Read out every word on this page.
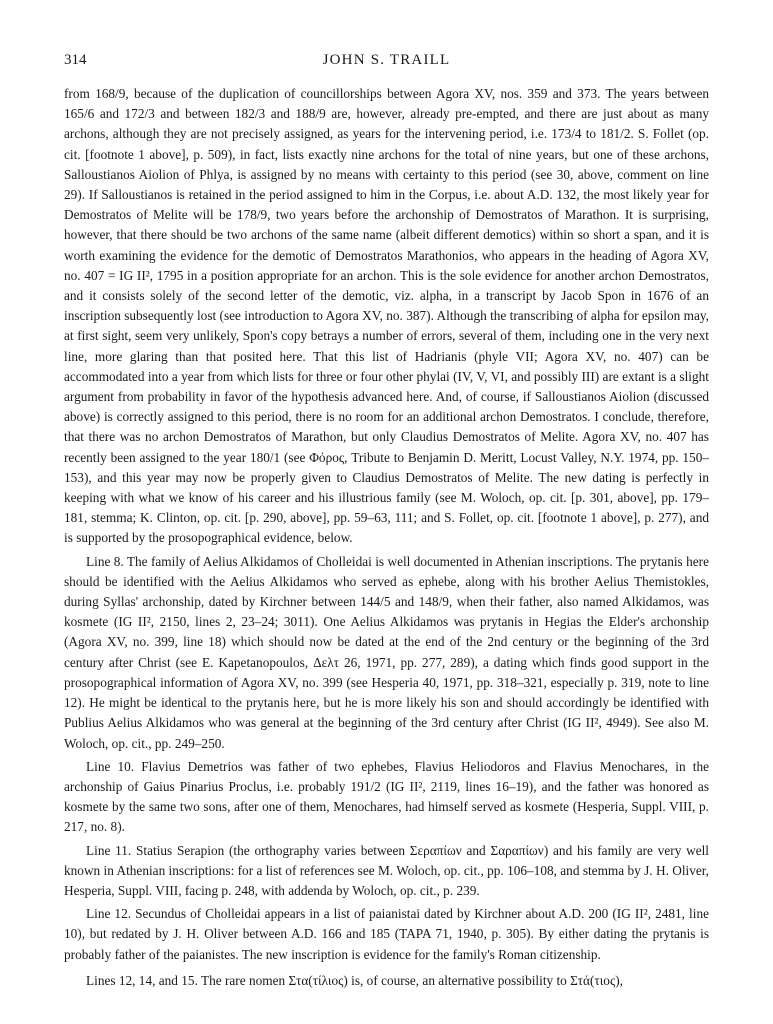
314	JOHN S. TRAILL

from 168/9, because of the duplication of councillorships between Agora XV, nos. 359 and 373. The years between 165/6 and 172/3 and between 182/3 and 188/9 are, however, already pre-empted, and there are just about as many archons, although they are not precisely assigned, as years for the intervening period, i.e. 173/4 to 181/2. S. Follet (op. cit. [footnote 1 above], p. 509), in fact, lists exactly nine archons for the total of nine years, but one of these archons, Salloustianos Aiolion of Phlya, is assigned by no means with certainty to this period (see 30, above, comment on line 29). If Salloustianos is retained in the period assigned to him in the Corpus, i.e. about A.D. 132, the most likely year for Demostratos of Melite will be 178/9, two years before the archonship of Demostratos of Marathon. It is surprising, however, that there should be two archons of the same name (albeit different demotics) within so short a span, and it is worth examining the evidence for the demotic of Demostratos Marathonios, who appears in the heading of Agora XV, no. 407 = IG II², 1795 in a position appropriate for an archon. This is the sole evidence for another archon Demostratos, and it consists solely of the second letter of the demotic, viz. alpha, in a transcript by Jacob Spon in 1676 of an inscription subsequently lost (see introduction to Agora XV, no. 387). Although the transcribing of alpha for epsilon may, at first sight, seem very unlikely, Spon's copy betrays a number of errors, several of them, including one in the very next line, more glaring than that posited here. That this list of Hadrianis (phyle VII; Agora XV, no. 407) can be accommodated into a year from which lists for three or four other phylai (IV, V, VI, and possibly III) are extant is a slight argument from probability in favor of the hypothesis advanced here. And, of course, if Salloustianos Aiolion (discussed above) is correctly assigned to this period, there is no room for an additional archon Demostratos. I conclude, therefore, that there was no archon Demostratos of Marathon, but only Claudius Demostratos of Melite. Agora XV, no. 407 has recently been assigned to the year 180/1 (see Φόρος, Tribute to Benjamin D. Meritt, Locust Valley, N.Y. 1974, pp. 150–153), and this year may now be properly given to Claudius Demostratos of Melite. The new dating is perfectly in keeping with what we know of his career and his illustrious family (see M. Woloch, op. cit. [p. 301, above], pp. 179–181, stemma; K. Clinton, op. cit. [p. 290, above], pp. 59–63, 111; and S. Follet, op. cit. [footnote 1 above], p. 277), and is supported by the prosopographical evidence, below.

Line 8. The family of Aelius Alkidamos of Cholleidai is well documented in Athenian inscriptions. The prytanis here should be identified with the Aelius Alkidamos who served as ephebe, along with his brother Aelius Themistokles, during Syllas' archonship, dated by Kirchner between 144/5 and 148/9, when their father, also named Alkidamos, was kosmete (IG II², 2150, lines 2, 23–24; 3011). One Aelius Alkidamos was prytanis in Hegias the Elder's archonship (Agora XV, no. 399, line 18) which should now be dated at the end of the 2nd century or the beginning of the 3rd century after Christ (see E. Kapetanopoulos, Δελτ 26, 1971, pp. 277, 289), a dating which finds good support in the prosopographical information of Agora XV, no. 399 (see Hesperia 40, 1971, pp. 318–321, especially p. 319, note to line 12). He might be identical to the prytanis here, but he is more likely his son and should accordingly be identified with Publius Aelius Alkidamos who was general at the beginning of the 3rd century after Christ (IG II², 4949). See also M. Woloch, op. cit., pp. 249–250.

Line 10. Flavius Demetrios was father of two ephebes, Flavius Heliodoros and Flavius Menochares, in the archonship of Gaius Pinarius Proclus, i.e. probably 191/2 (IG II², 2119, lines 16–19), and the father was honored as kosmete by the same two sons, after one of them, Menochares, had himself served as kosmete (Hesperia, Suppl. VIII, p. 217, no. 8).

Line 11. Statius Serapion (the orthography varies between Σεραπίων and Σαραπίων) and his family are very well known in Athenian inscriptions: for a list of references see M. Woloch, op. cit., pp. 106–108, and stemma by J. H. Oliver, Hesperia, Suppl. VIII, facing p. 248, with addenda by Woloch, op. cit., p. 239.

Line 12. Secundus of Cholleidai appears in a list of paianistai dated by Kirchner about A.D. 200 (IG II², 2481, line 10), but redated by J. H. Oliver between A.D. 166 and 185 (TAPA 71, 1940, p. 305). By either dating the prytanis is probably father of the paianistes. The new inscription is evidence for the family's Roman citizenship.

Lines 12, 14, and 15. The rare nomen Στα(τίλιος) is, of course, an alternative possibility to Στά(τιος),
